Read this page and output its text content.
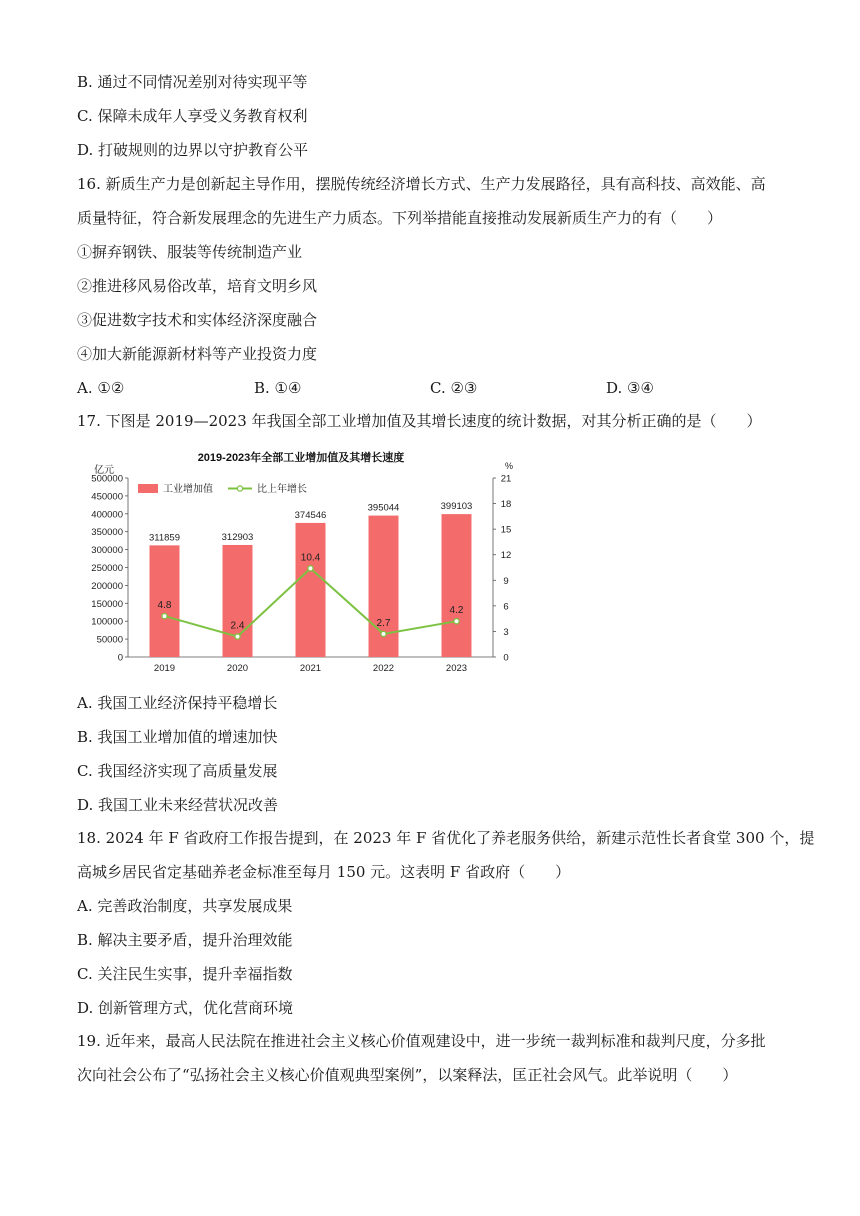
B. 通过不同情况差别对待实现平等
C. 保障未成年人享受义务教育权利
D. 打破规则的边界以守护教育公平
16. 新质生产力是创新起主导作用，摆脱传统经济增长方式、生产力发展路径，具有高科技、高效能、高
质量特征，符合新发展理念的先进生产力质态。下列举措能直接推动发展新质生产力的有（　　）
①摒弃钢铁、服装等传统制造产业
②推进移风易俗改革，培育文明乡风
③促进数字技术和实体经济深度融合
④加大新能源新材料等产业投资力度
A. ①②	B. ①④	C. ②③	D. ③④
17. 下图是 2019—2023 年我国全部工业增加值及其增长速度的统计数据，对其分析正确的是（　　）
2019-2023年全部工业增加值及其增长速度
亿元	%
0
50000
100000
150000
200000
250000
300000
350000
400000
450000
500000
0
3
6
9
12
15
18
21
工业增加值	比上年增长
311859
2019
312903
2020
374546
2021
395044
2022
399103
2023
4.8
2.4
10.4
2.7
4.2
A. 我国工业经济保持平稳增长
B. 我国工业增加值的增速加快
C. 我国经济实现了高质量发展
D. 我国工业未来经营状况改善
18. 2024 年 F 省政府工作报告提到，在 2023 年 F 省优化了养老服务供给，新建示范性长者食堂 300 个，提
高城乡居民省定基础养老金标准至每月 150 元。这表明 F 省政府（　　）
A. 完善政治制度，共享发展成果
B. 解决主要矛盾，提升治理效能
C. 关注民生实事，提升幸福指数
D. 创新管理方式，优化营商环境
19. 近年来，最高人民法院在推进社会主义核心价值观建设中，进一步统一裁判标准和裁判尺度，分多批
次向社会公布了“弘扬社会主义核心价值观典型案例”，以案释法，匡正社会风气。此举说明（　　）
